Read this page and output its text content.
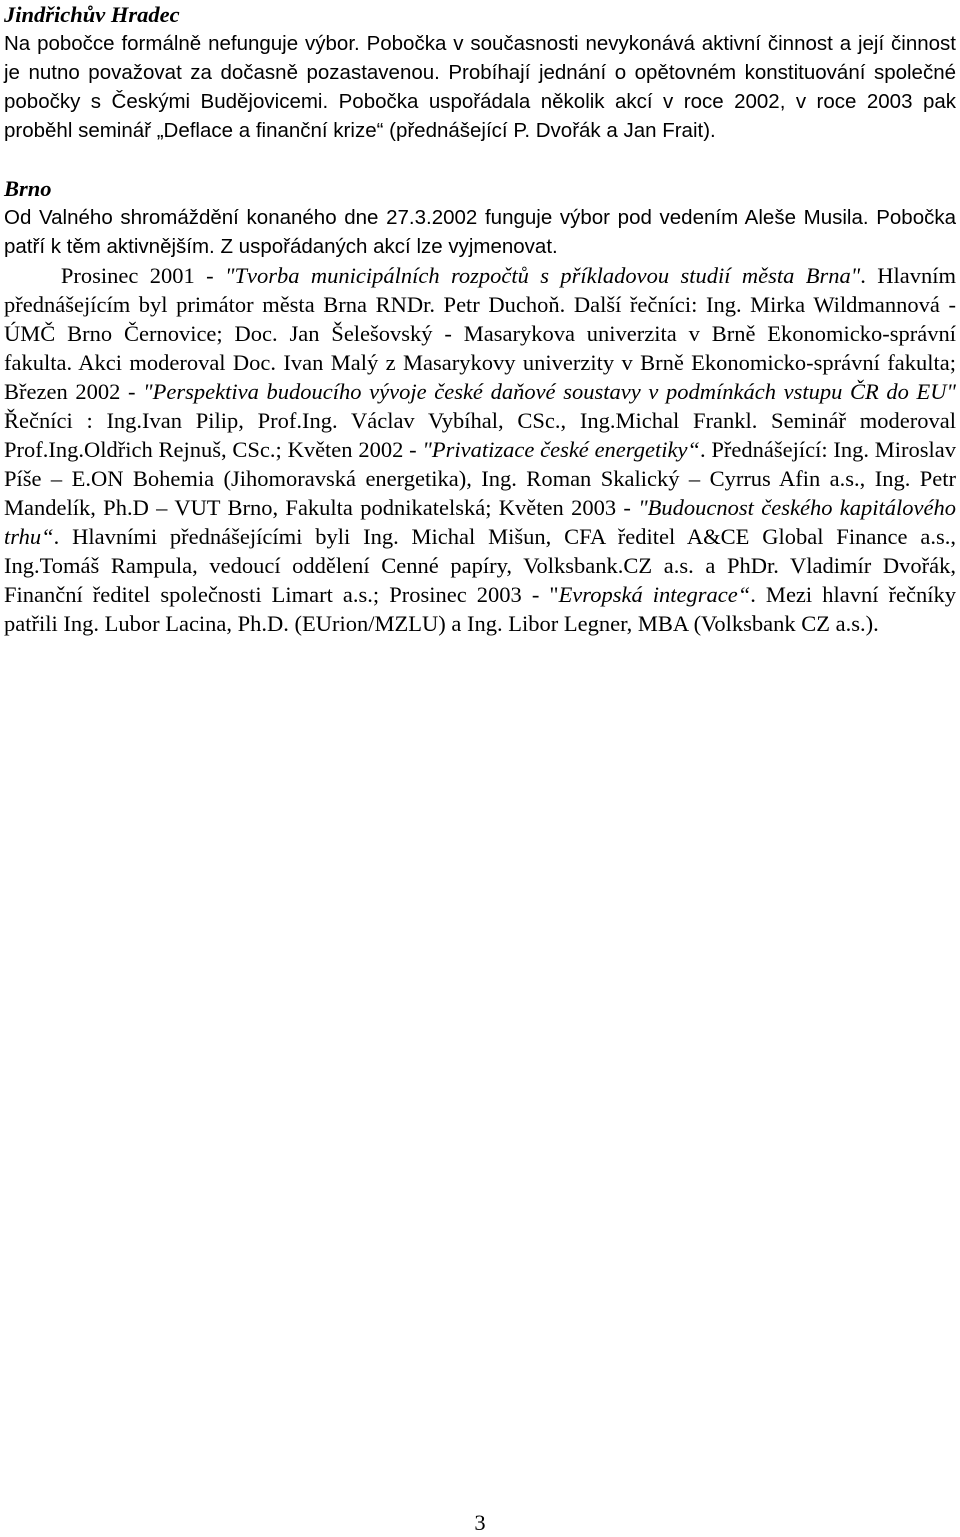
Jindřichův Hradec

Na pobočce formálně nefunguje výbor. Pobočka v současnosti nevykonává aktivní činnost a její činnost je nutno považovat za dočasně pozastavenou. Probíhají jednání o opětovném konstituování společné pobočky s Českými Budějovicemi. Pobočka uspořádala několik akcí v roce 2002, v roce 2003 pak proběhl seminář „Deflace a finanční krize“ (přednášející P. Dvořák a Jan Frait).

Brno

Od Valného shromáždění konaného dne 27.3.2002 funguje výbor pod vedením Aleše Musila. Pobočka patří k těm aktivnějším. Z uspořádaných akcí lze vyjmenovat.

Prosinec 2001 - "Tvorba municipálních rozpočtů s příkladovou studií města Brna". Hlavním přednášejícím byl primátor města Brna RNDr. Petr Duchoň. Další řečníci: Ing. Mirka Wildmannová - ÚMČ Brno Černovice; Doc. Jan Šelešovský - Masarykova univerzita v Brně Ekonomicko-správní fakulta. Akci moderoval Doc. Ivan Malý z Masarykovy univerzity v Brně Ekonomicko-správní fakulta; Březen 2002 - "Perspektiva budoucího vývoje české daňové soustavy v podmínkách vstupu ČR do EU" Řečníci : Ing.Ivan Pilip, Prof.Ing. Václav Vybíhal, CSc., Ing.Michal Frankl. Seminář moderoval Prof.Ing.Oldřich Rejnuš, CSc.; Květen 2002 - "Privatizace české energetiky“. Přednášející: Ing. Miroslav Píše – E.ON Bohemia (Jihomoravská energetika), Ing. Roman Skalický – Cyrrus Afin a.s., Ing. Petr Mandelík, Ph.D – VUT Brno, Fakulta podnikatelská; Květen 2003 - "Budoucnost českého kapitálového trhu“. Hlavními přednášejícími byli Ing. Michal Mišun, CFA ředitel A&CE Global Finance a.s., Ing.Tomáš Rampula, vedoucí oddělení Cenné papíry, Volksbank.CZ a.s. a PhDr. Vladimír Dvořák, Finanční ředitel společnosti Limart a.s.; Prosinec 2003 - "Evropská integrace“. Mezi hlavní řečníky patřili Ing. Lubor Lacina, Ph.D. (EUrion/MZLU) a Ing. Libor Legner, MBA (Volksbank CZ a.s.).

3
